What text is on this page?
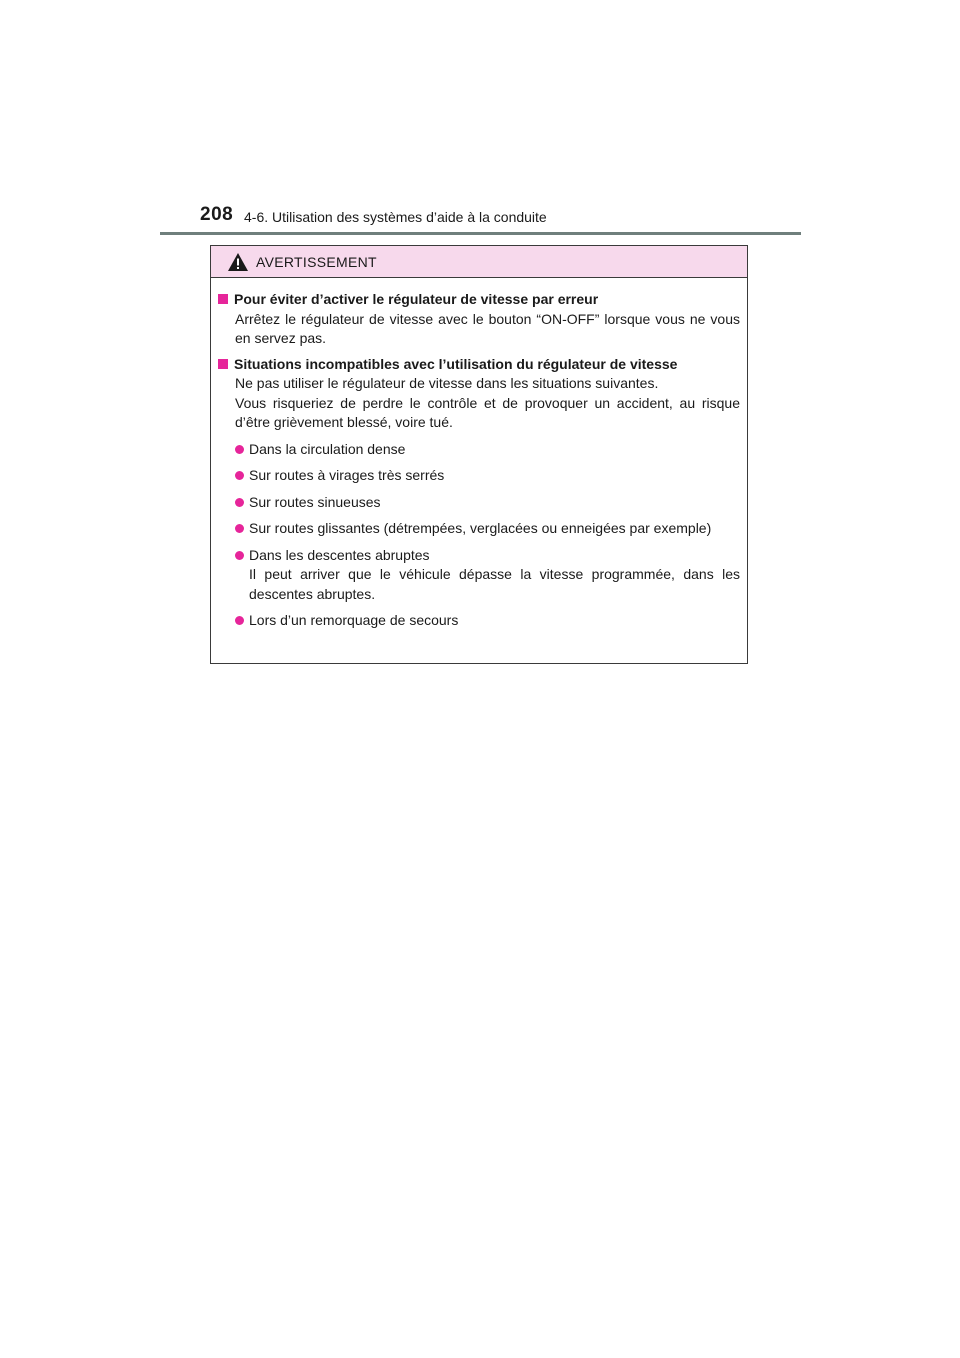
208 4-6. Utilisation des systèmes d’aide à la conduite
AVERTISSEMENT
Pour éviter d’activer le régulateur de vitesse par erreur
Arrêtez le régulateur de vitesse avec le bouton “ON-OFF” lorsque vous ne vous en servez pas.
Situations incompatibles avec l’utilisation du régulateur de vitesse
Ne pas utiliser le régulateur de vitesse dans les situations suivantes.
Vous risqueriez de perdre le contrôle et de provoquer un accident, au risque d’être grièvement blessé, voire tué.
Dans la circulation dense
Sur routes à virages très serrés
Sur routes sinueuses
Sur routes glissantes (détrempées, verglacées ou enneigées par exemple)
Dans les descentes abruptes
Il peut arriver que le véhicule dépasse la vitesse programmée, dans les descentes abruptes.
Lors d’un remorquage de secours
